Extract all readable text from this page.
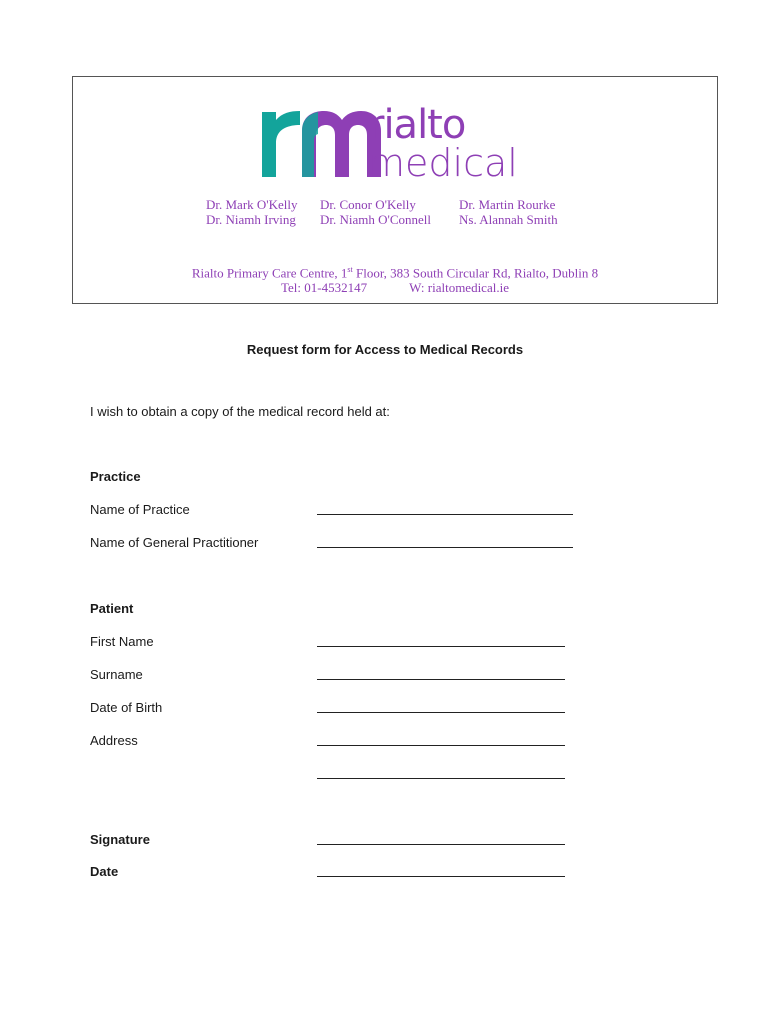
rialto
medical
Dr. Mark O'Kelly
Dr. Niamh Irving
Dr. Conor O'Kelly
Dr. Niamh O'Connell
Dr. Martin Rourke
Ns. Alannah Smith
Rialto Primary Care Centre, 1st Floor, 383 South Circular Rd, Rialto, Dublin 8
Tel: 01-4532147	W: rialtomedical.ie
Request form for Access to Medical Records
I wish to obtain a copy of the medical record held at:
Practice
Name of Practice
Name of General Practitioner
Patient
First Name
Surname
Date of Birth
Address
Signature
Date
